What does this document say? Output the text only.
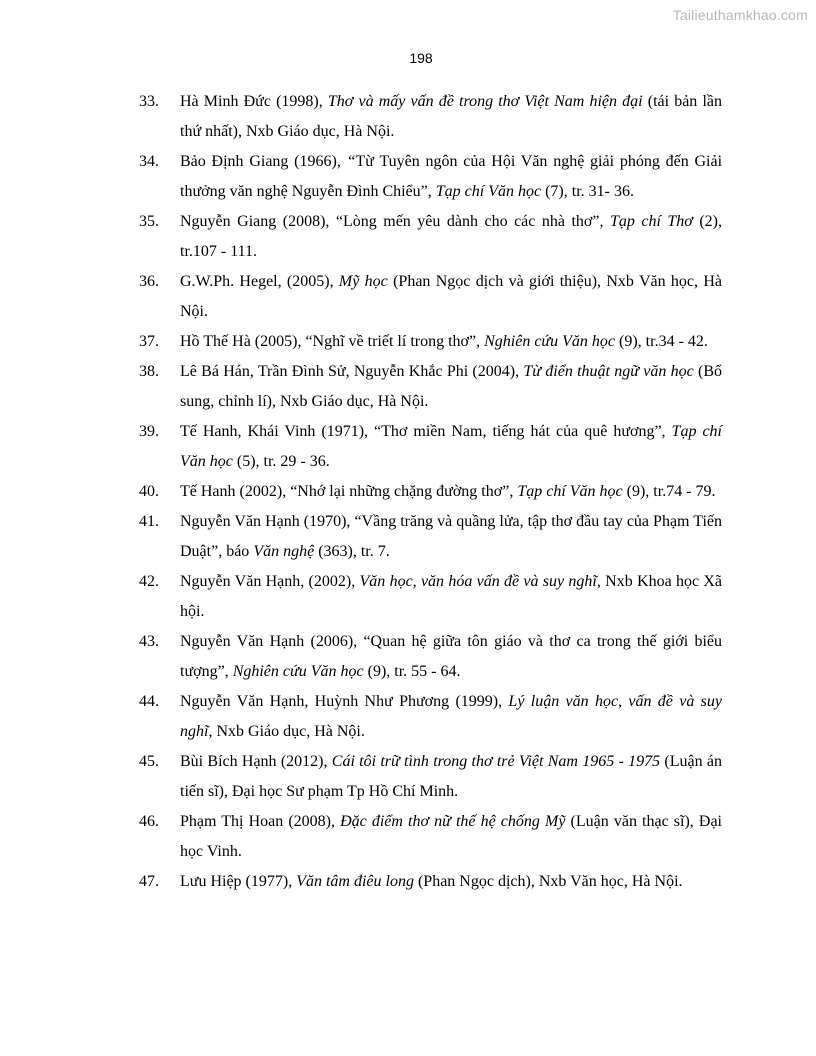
Tailieuthamkhao.com
198
33. Hà Minh Đức (1998), Thơ và mấy vấn đề trong thơ Việt Nam hiện đại (tái bản lần thứ nhất), Nxb Giáo dục, Hà Nội.
34. Bảo Định Giang (1966), “Từ Tuyên ngôn của Hội Văn nghệ giải phóng đến Giải thưởng văn nghệ Nguyễn Đình Chiểu”, Tạp chí Văn học (7), tr. 31- 36.
35. Nguyễn Giang (2008), “Lòng mến yêu dành cho các nhà thơ”, Tạp chí Thơ (2), tr.107 - 111.
36. G.W.Ph. Hegel, (2005), Mỹ học (Phan Ngọc dịch và giới thiệu), Nxb Văn học, Hà Nội.
37. Hồ Thế Hà (2005), “Nghĩ về triết lí trong thơ”, Nghiên cứu Văn học (9), tr.34 - 42.
38. Lê Bá Hán, Trần Đình Sử, Nguyễn Khắc Phi (2004), Từ điển thuật ngữ văn học (Bổ sung, chỉnh lí), Nxb Giáo dục, Hà Nội.
39. Tế Hanh, Khái Vinh (1971), “Thơ miền Nam, tiếng hát của quê hương”, Tạp chí Văn học (5), tr. 29 - 36.
40. Tế Hanh (2002), “Nhớ lại những chặng đường thơ”, Tạp chí Văn học (9), tr.74 - 79.
41. Nguyễn Văn Hạnh (1970), “Vầng trăng và quầng lửa, tập thơ đầu tay của Phạm Tiến Duật”, báo Văn nghệ (363), tr. 7.
42. Nguyễn Văn Hạnh, (2002), Văn học, văn hóa vấn đề và suy nghĩ, Nxb Khoa học Xã hội.
43. Nguyễn Văn Hạnh (2006), “Quan hệ giữa tôn giáo và thơ ca trong thế giới biểu tượng”, Nghiên cứu Văn học (9), tr. 55 - 64.
44. Nguyễn Văn Hạnh, Huỳnh Như Phương (1999), Lý luận văn học, vấn đề và suy nghĩ, Nxb Giáo dục, Hà Nội.
45. Bùi Bích Hạnh (2012), Cái tôi trữ tình trong thơ trẻ Việt Nam 1965 - 1975 (Luận án tiến sĩ), Đại học Sư phạm Tp Hồ Chí Minh.
46. Phạm Thị Hoan (2008), Đặc điểm thơ nữ thế hệ chống Mỹ (Luận văn thạc sĩ), Đại học Vinh.
47. Lưu Hiệp (1977), Văn tâm điêu long (Phan Ngọc dịch), Nxb Văn học, Hà Nội.
